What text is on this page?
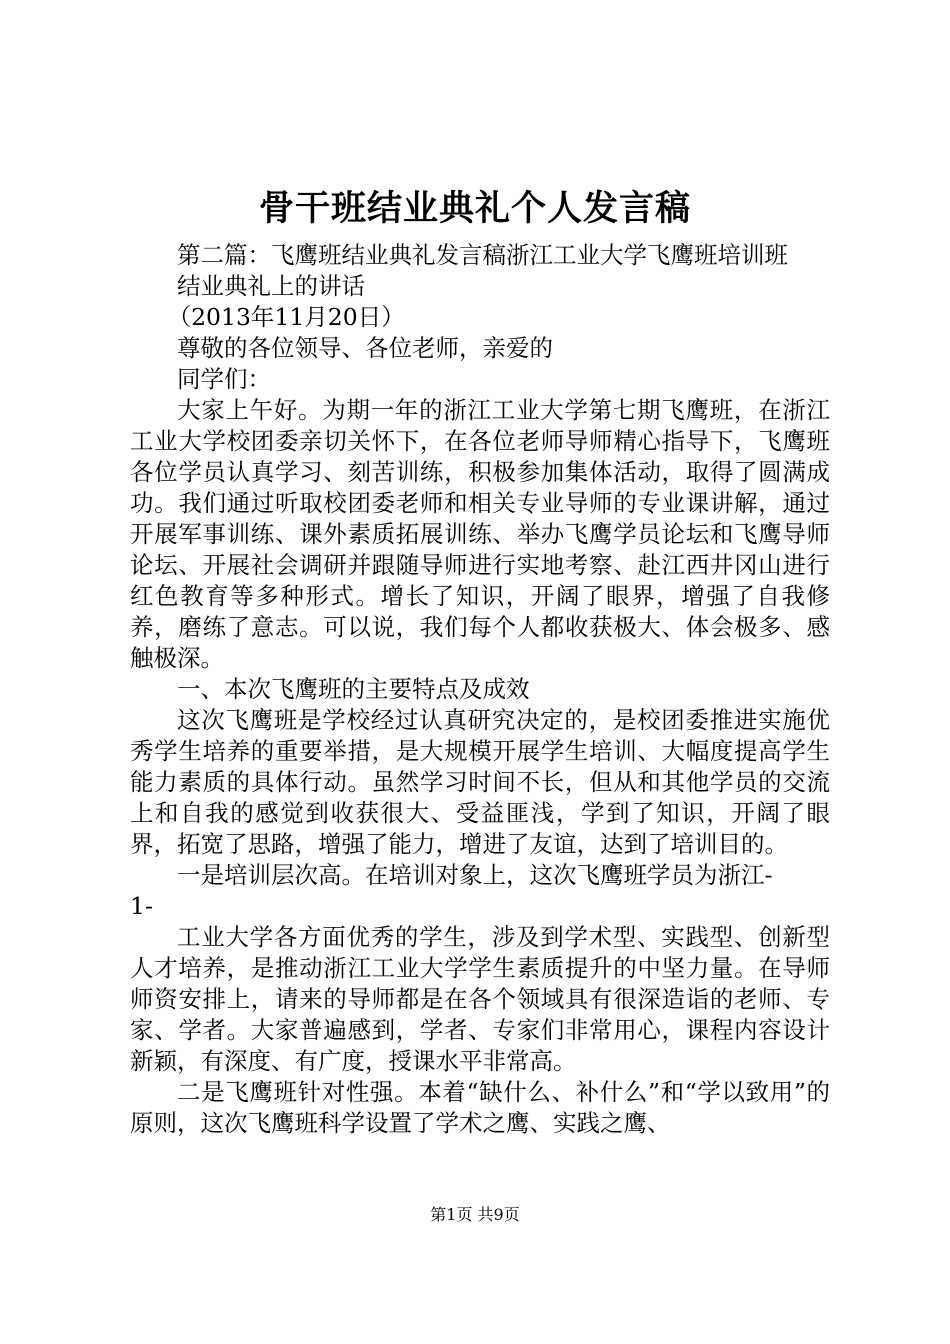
骨干班结业典礼个人发言稿

第二篇：飞鹰班结业典礼发言稿浙江工业大学飞鹰班培训班

结业典礼上的讲话

（2013年11月20日）

尊敬的各位领导、各位老师，亲爱的

同学们：

大家上午好。为期一年的浙江工业大学第七期飞鹰班，在浙江工业大学校团委亲切关怀下，在各位老师导师精心指导下，飞鹰班各位学员认真学习、刻苦训练，积极参加集体活动，取得了圆满成功。我们通过听取校团委老师和相关专业导师的专业课讲解，通过开展军事训练、课外素质拓展训练、举办飞鹰学员论坛和飞鹰导师论坛、开展社会调研并跟随导师进行实地考察、赴江西井冈山进行红色教育等多种形式。增长了知识，开阔了眼界，增强了自我修养，磨练了意志。可以说，我们每个人都收获极大、体会极多、感触极深。

一、本次飞鹰班的主要特点及成效

这次飞鹰班是学校经过认真研究决定的，是校团委推进实施优秀学生培养的重要举措，是大规模开展学生培训、大幅度提高学生能力素质的具体行动。虽然学习时间不长，但从和其他学员的交流上和自我的感觉到收获很大、受益匪浅，学到了知识，开阔了眼界，拓宽了思路，增强了能力，增进了友谊，达到了培训目的。

一是培训层次高。在培训对象上，这次飞鹰班学员为浙江-

1-

工业大学各方面优秀的学生，涉及到学术型、实践型、创新型人才培养，是推动浙江工业大学学生素质提升的中坚力量。在导师师资安排上，请来的导师都是在各个领域具有很深造诣的老师、专家、学者。大家普遍感到，学者、专家们非常用心，课程内容设计新颖，有深度、有广度，授课水平非常高。

二是飞鹰班针对性强。本着“缺什么、补什么”和“学以致用”的原则，这次飞鹰班科学设置了学术之鹰、实践之鹰、

第1页 共9页
